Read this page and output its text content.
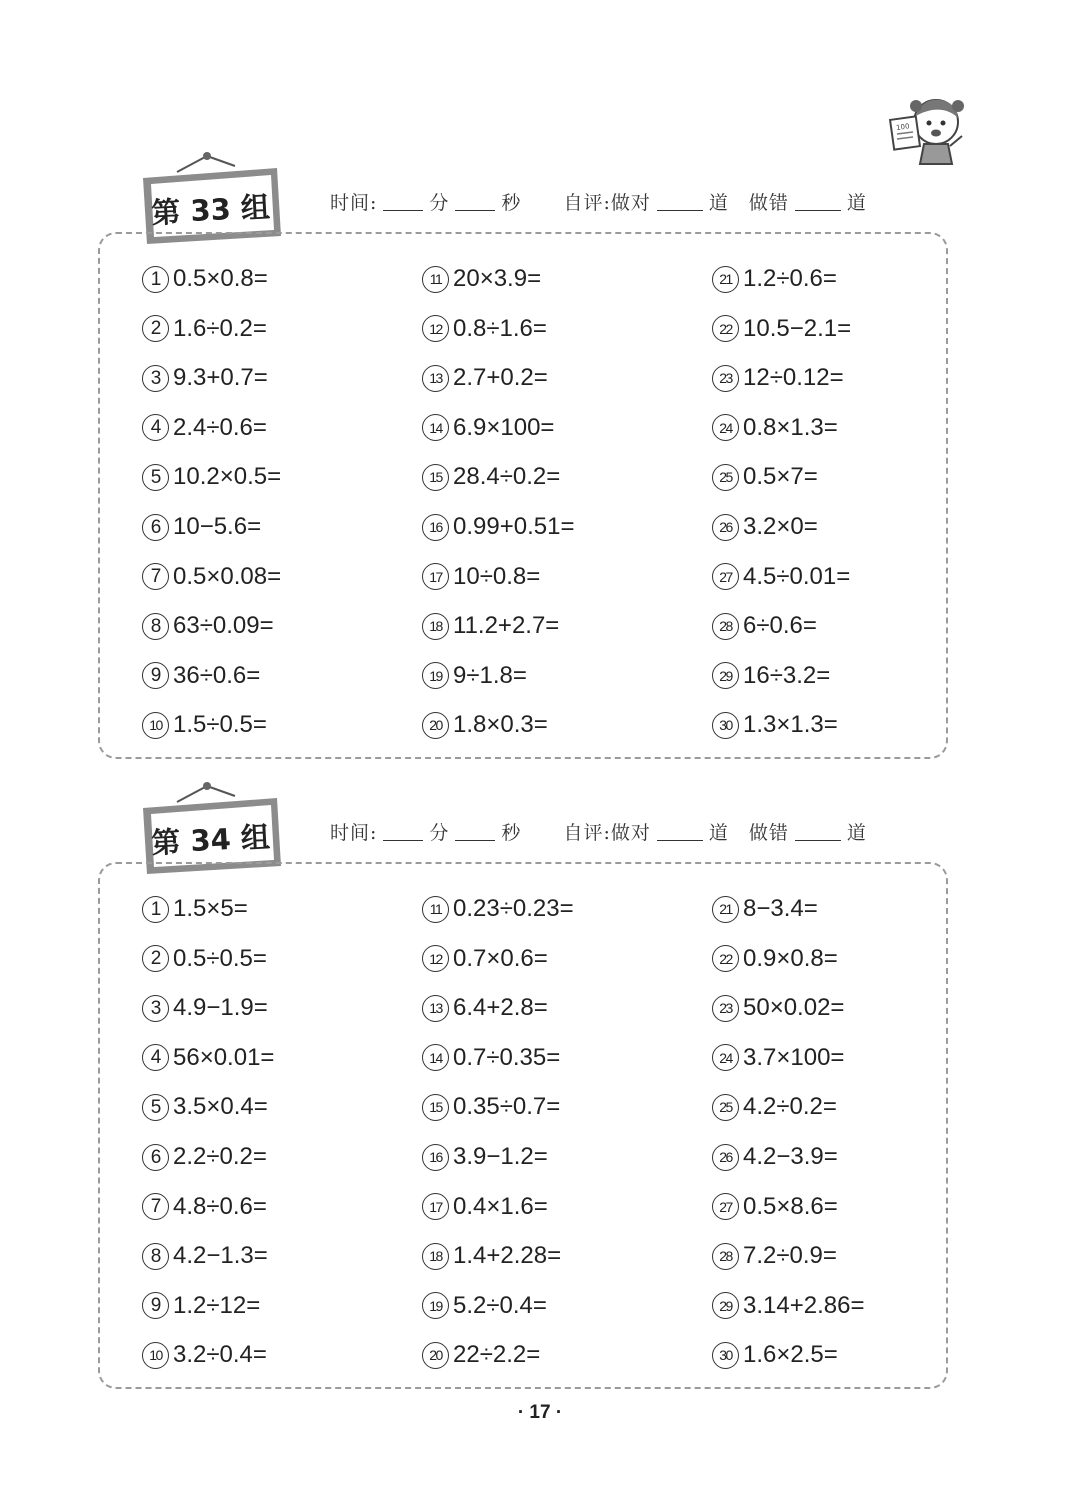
100
第 33 组	时间:	分	秒 自评:做对	道 做错	道
1 0.5×0.8=
2 1.6÷0.2=
3 9.3+0.7=
4 2.4÷0.6=
5 10.2×0.5=
6 10−5.6=
7 0.5×0.08=
8 63÷0.09=
9 36÷0.6=
10 1.5÷0.5=
11 20×3.9=
12 0.8÷1.6=
13 2.7+0.2=
14 6.9×100=
15 28.4÷0.2=
16 0.99+0.51=
17 10÷0.8=
18 11.2+2.7=
19 9÷1.8=
20 1.8×0.3=
21 1.2÷0.6=
22 10.5−2.1=
23 12÷0.12=
24 0.8×1.3=
25 0.5×7=
26 3.2×0=
27 4.5÷0.01=
28 6÷0.6=
29 16÷3.2=
30 1.3×1.3=
第 34 组	时间:	分	秒 自评:做对	道 做错	道
1 1.5×5=
2 0.5÷0.5=
3 4.9−1.9=
4 56×0.01=
5 3.5×0.4=
6 2.2÷0.2=
7 4.8÷0.6=
8 4.2−1.3=
9 1.2÷12=
10 3.2÷0.4=
11 0.23÷0.23=
12 0.7×0.6=
13 6.4+2.8=
14 0.7÷0.35=
15 0.35÷0.7=
16 3.9−1.2=
17 0.4×1.6=
18 1.4+2.28=
19 5.2÷0.4=
20 22÷2.2=
21 8−3.4=
22 0.9×0.8=
23 50×0.02=
24 3.7×100=
25 4.2÷0.2=
26 4.2−3.9=
27 0.5×8.6=
28 7.2÷0.9=
29 3.14+2.86=
30 1.6×2.5=
· 17 ·
